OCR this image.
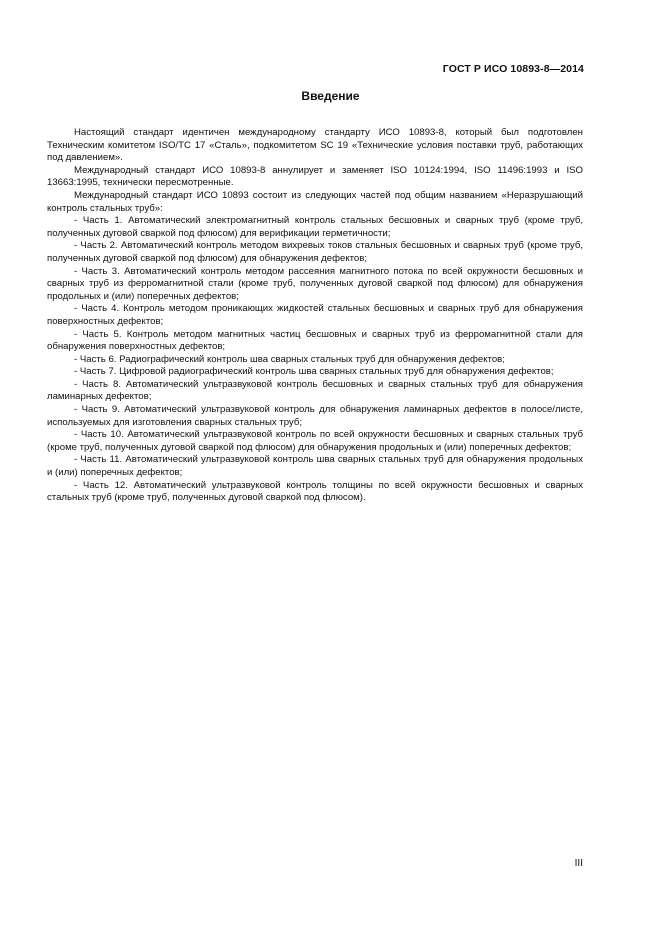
ГОСТ Р ИСО 10893-8—2014
Введение

Настоящий стандарт идентичен международному стандарту ИСО 10893-8, который был подготовлен Техническим комитетом ISO/TC 17 «Сталь», подкомитетом SC 19 «Технические условия поставки труб, работающих под давлением».

Международный стандарт ИСО 10893-8 аннулирует и заменяет ISO 10124:1994, ISO 11496:1993 и ISO 13663:1995, технически пересмотренные.

Международный стандарт ИСО 10893 состоит из следующих частей под общим названием «Неразрушающий контроль стальных труб»:

- Часть 1. Автоматический электромагнитный контроль стальных бесшовных и сварных труб (кроме труб, полученных дуговой сваркой под флюсом) для верификации герметичности;

- Часть 2. Автоматический контроль методом вихревых токов стальных бесшовных и сварных труб (кроме труб, полученных дуговой сваркой под флюсом) для обнаружения дефектов;

- Часть 3. Автоматический контроль методом рассеяния магнитного потока по всей окружности бесшовных и сварных труб из ферромагнитной стали (кроме труб, полученных дуговой сваркой под флюсом) для обнаружения продольных и (или) поперечных дефектов;

- Часть 4. Контроль методом проникающих жидкостей стальных бесшовных и сварных труб для обнаружения поверхностных дефектов;

- Часть 5. Контроль методом магнитных частиц бесшовных и сварных труб из ферромагнитной стали для обнаружения поверхностных дефектов;

- Часть 6. Радиографический контроль шва сварных стальных труб для обнаружения дефектов;

- Часть 7. Цифровой радиографический контроль шва сварных стальных труб для обнаружения дефектов;

- Часть 8. Автоматический ультразвуковой контроль бесшовных и сварных стальных труб для обнаружения ламинарных дефектов;

- Часть 9. Автоматический ультразвуковой контроль для обнаружения ламинарных дефектов в полосе/листе, используемых для изготовления сварных стальных труб;

- Часть 10. Автоматический ультразвуковой контроль по всей окружности бесшовных и сварных стальных труб (кроме труб, полученных дуговой сваркой под флюсом) для обнаружения продольных и (или) поперечных дефектов;

- Часть 11. Автоматический ультразвуковой контроль шва сварных стальных труб для обнаружения продольных и (или) поперечных дефектов;

- Часть 12. Автоматический ультразвуковой контроль толщины по всей окружности бесшовных и сварных стальных труб (кроме труб, полученных дуговой сваркой под флюсом).

III
